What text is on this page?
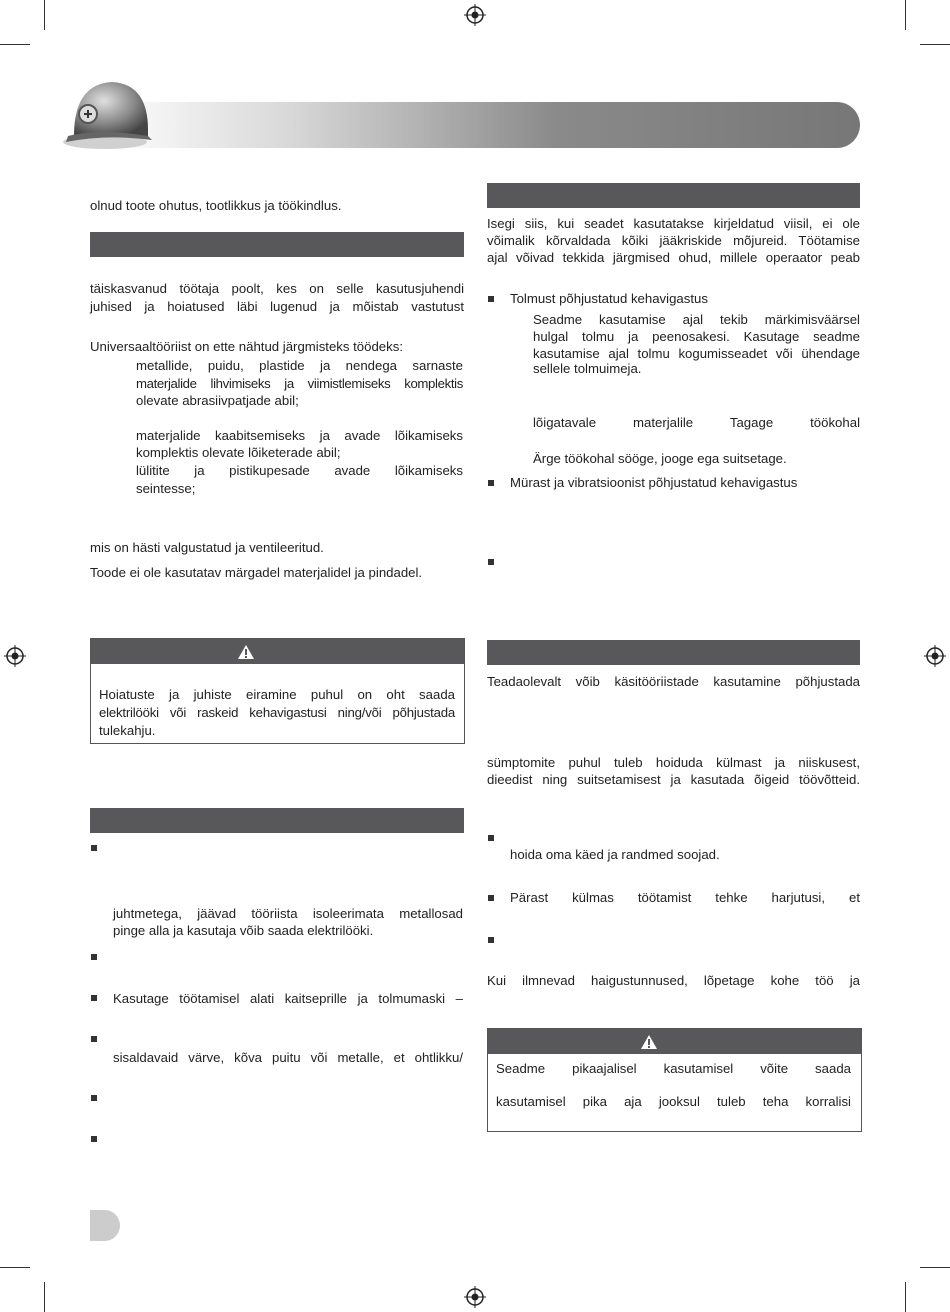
olnud toote ohutus, tootlikkus ja töökindlus.
täiskasvanud töötaja poolt, kes on selle kasutusjuhendi
juhised ja hoiatused läbi lugenud ja mõistab vastutust
Universaaltööriist on ette nähtud järgmisteks töödeks:
metallide, puidu, plastide ja nendega sarnaste
materjalide lihvimiseks ja viimistlemiseks komplektis
olevate abrasiivpatjade abil;
materjalide kaabitsemiseks ja avade lõikamiseks
komplektis olevate lõiketerade abil;
lülitite ja pistikupesade avade lõikamiseks
seintesse;
mis on hästi valgustatud ja ventileeritud.
Toode ei ole kasutatav märgadel materjalidel ja pindadel.
Hoiatuste ja juhiste eiramine puhul on oht saada
elektrilööki või raskeid kehavigastusi ning/või põhjustada
tulekahju.
juhtmetega, jäävad tööriista isoleerimata metallosad
pinge alla ja kasutaja võib saada elektrilööki.
Kasutage töötamisel alati kaitseprille ja tolmumaski –
sisaldavaid värve, kõva puitu või metalle, et ohtlikku/
Isegi siis, kui seadet kasutatakse kirjeldatud viisil, ei ole
võimalik kõrvaldada kõiki jääkriskide mõjureid. Töötamise
ajal võivad tekkida järgmised ohud, millele operaator peab
Tolmust põhjustatud kehavigastus
Seadme kasutamise ajal tekib märkimisväärsel
hulgal tolmu ja peenosakesi. Kasutage seadme
kasutamise ajal tolmu kogumisseadet või ühendage
sellele tolmuimeja.
lõigatavale materjalile Tagage töökohal
Ärge töökohal sööge, jooge ega suitsetage.
Mürast ja vibratsioonist põhjustatud kehavigastus
Teadaolevalt võib käsitööriistade kasutamine põhjustada
sümptomite puhul tuleb hoiduda külmast ja niiskusest,
dieedist ning suitsetamisest ja kasutada õigeid töövõtteid.
hoida oma käed ja randmed soojad.
Pärast külmas töötamist tehke harjutusi, et
Kui ilmnevad haigustunnused, lõpetage kohe töö ja
Seadme pikaajalisel kasutamisel võite saada
kasutamisel pika aja jooksul tuleb teha korralisi
